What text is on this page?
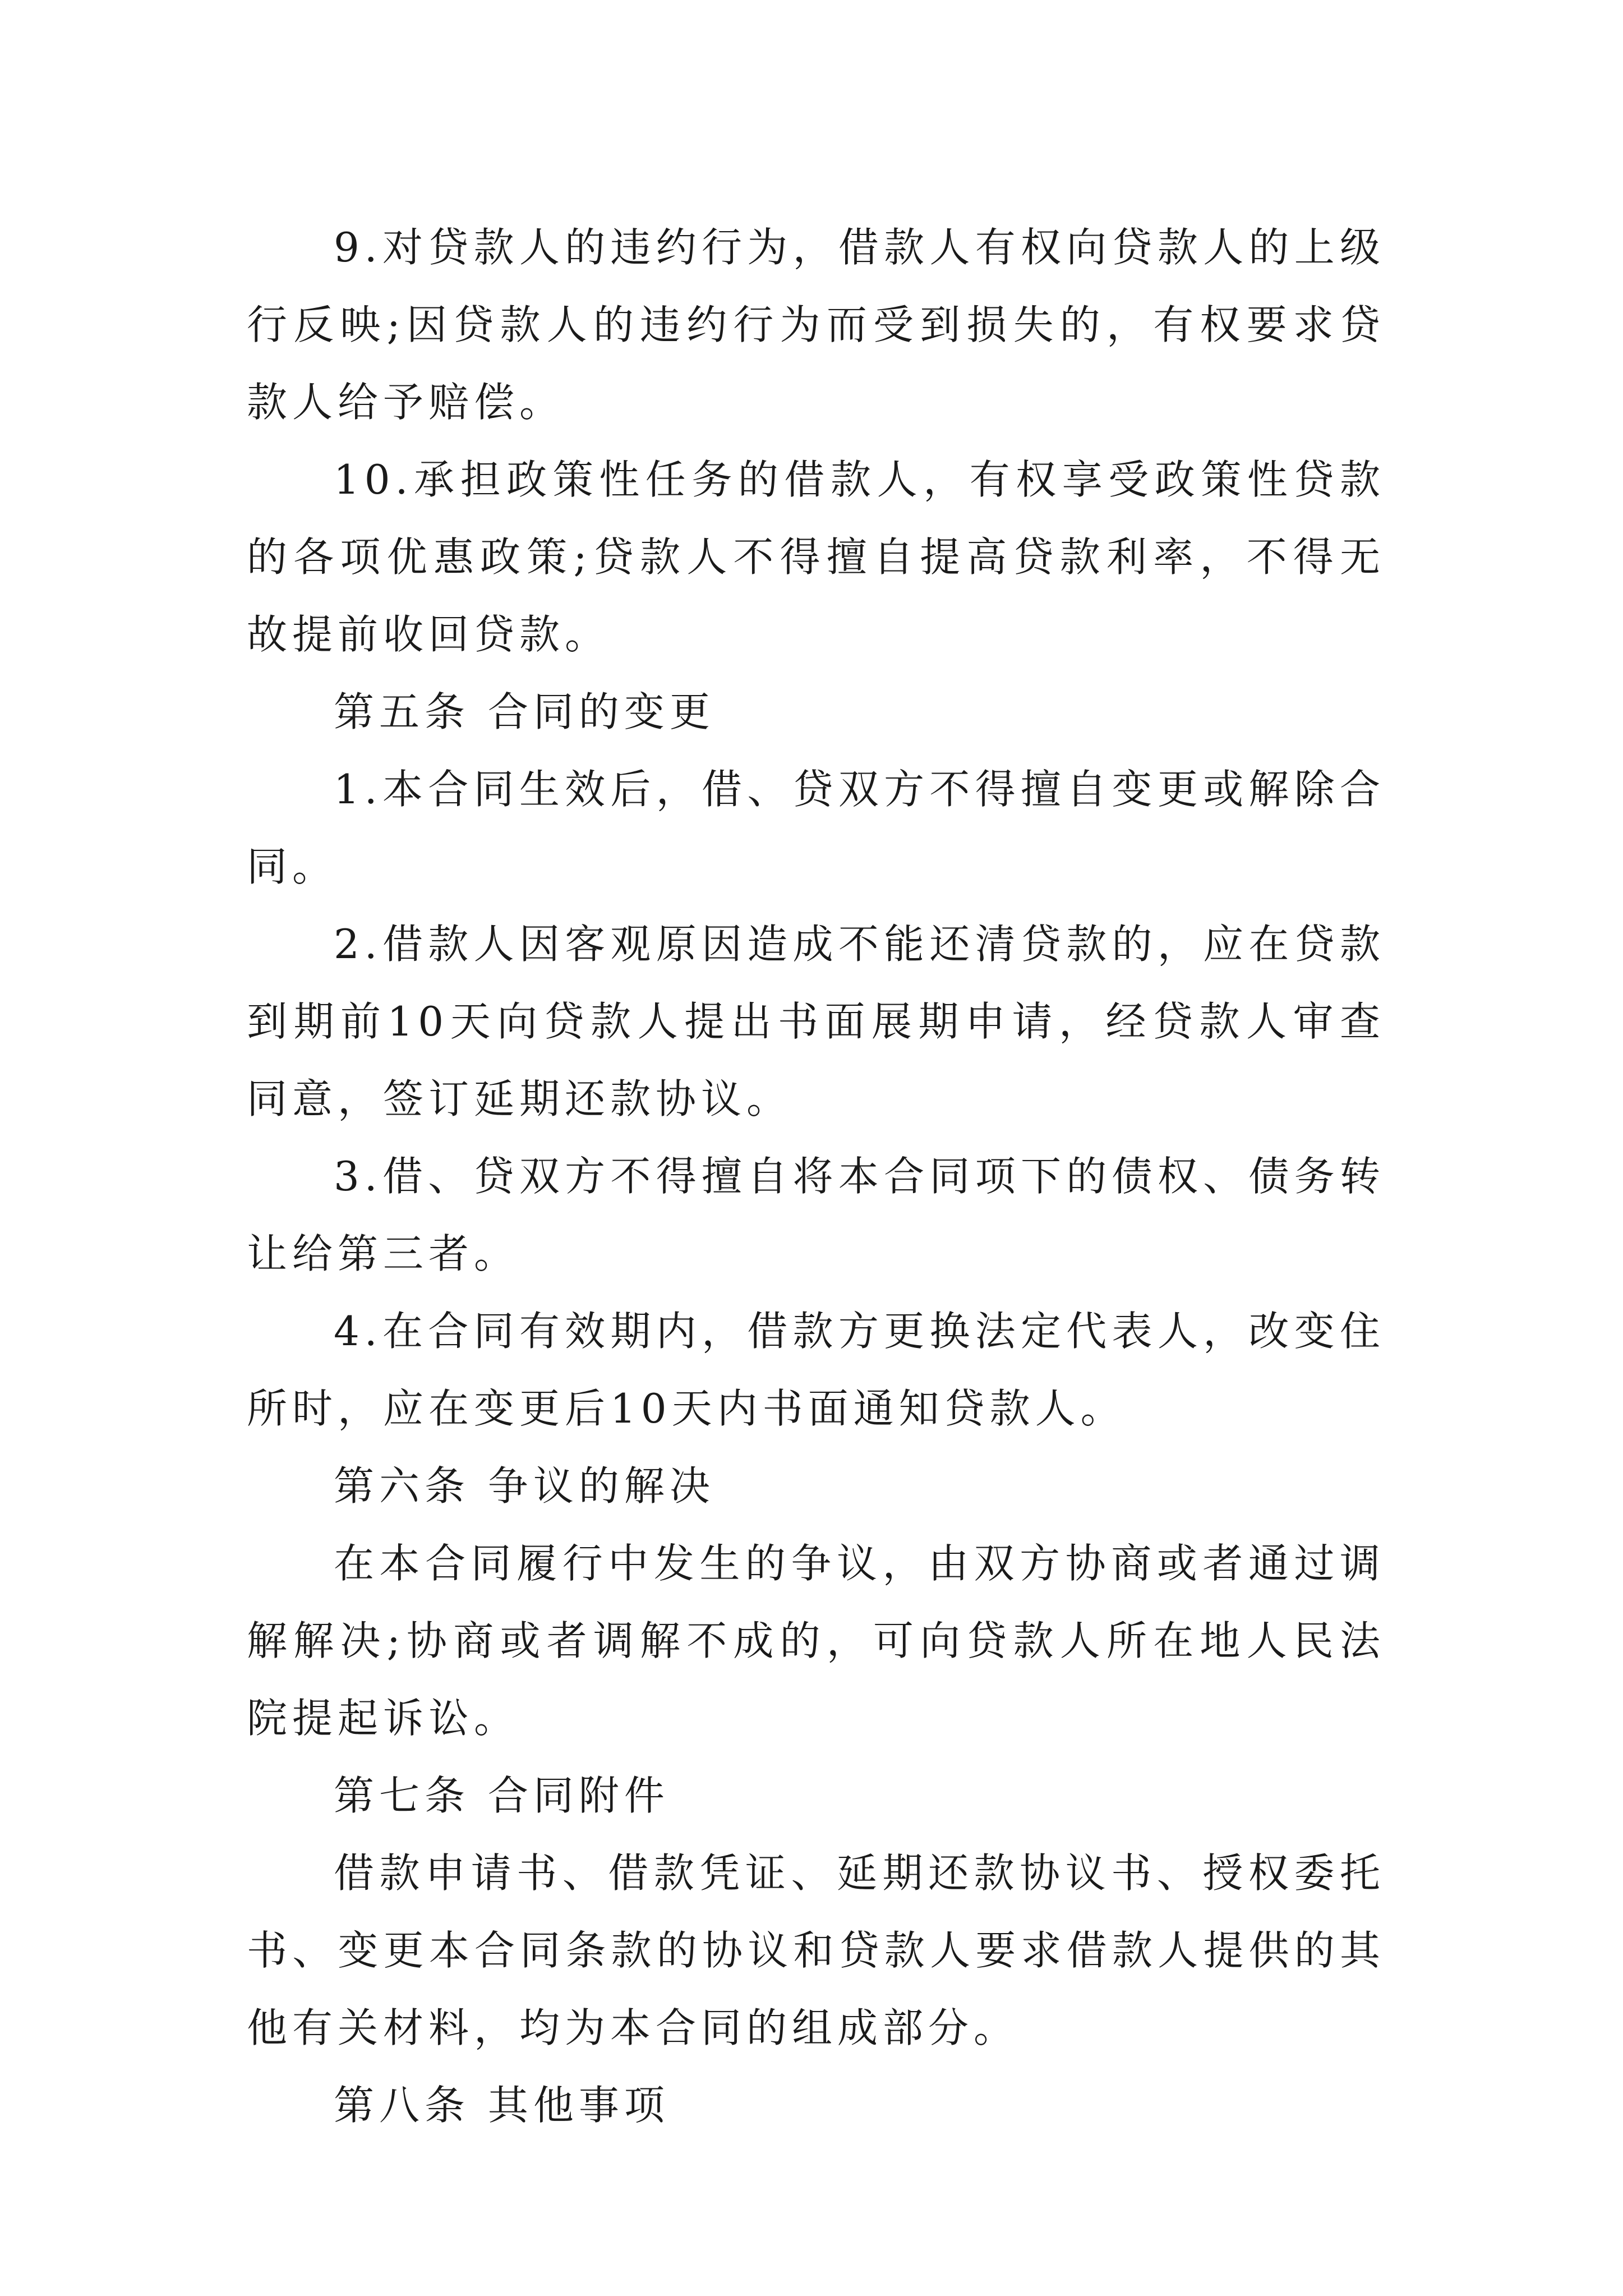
9.对贷款人的违约行为，借款人有权向贷款人的上级行反映;因贷款人的违约行为而受到损失的，有权要求贷款人给予赔偿。

10.承担政策性任务的借款人，有权享受政策性贷款的各项优惠政策;贷款人不得擅自提高贷款利率，不得无故提前收回贷款。

第五条 合同的变更

1.本合同生效后，借、贷双方不得擅自变更或解除合同。

2.借款人因客观原因造成不能还清贷款的，应在贷款到期前10天向贷款人提出书面展期申请，经贷款人审查同意，签订延期还款协议。

3.借、贷双方不得擅自将本合同项下的债权、债务转让给第三者。

4.在合同有效期内，借款方更换法定代表人，改变住所时，应在变更后10天内书面通知贷款人。

第六条 争议的解决

在本合同履行中发生的争议，由双方协商或者通过调解解决;协商或者调解不成的，可向贷款人所在地人民法院提起诉讼。

第七条 合同附件

借款申请书、借款凭证、延期还款协议书、授权委托书、变更本合同条款的协议和贷款人要求借款人提供的其他有关材料，均为本合同的组成部分。

第八条 其他事项
